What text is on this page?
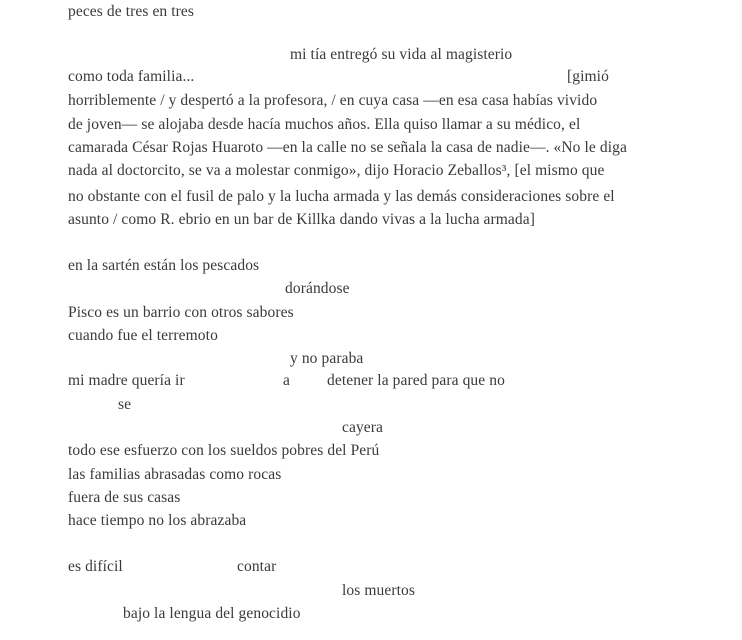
peces de tres en tres
mi tía entregó su vida al magisterio
como toda familia...	[gimió
horriblemente / y despertó a la profesora, / en cuya casa —en esa casa habías vivido
de joven— se alojaba desde hacía muchos años. Ella quiso llamar a su médico, el
camarada César Rojas Huaroto —en la calle no se señala la casa de nadie—. «No le diga
nada al doctorcito, se va a molestar conmigo», dijo Horacio Zeballos³, [el mismo que
no obstante con el fusil de palo y la lucha armada y las demás consideraciones sobre el
asunto / como R. ebrio en un bar de Killka dando vivas a la lucha armada]
en la sartén están los pescados
dorándose
Pisco es un barrio con otros sabores
cuando fue el terremoto
y no paraba
mi madre quería ir	a detener la pared para que no
se
cayera
todo ese esfuerzo con los sueldos pobres del Perú
las familias abrasadas como rocas
fuera de sus casas
hace tiempo no los abrazaba
es difícil	contar
los muertos
bajo la lengua del genocidio
